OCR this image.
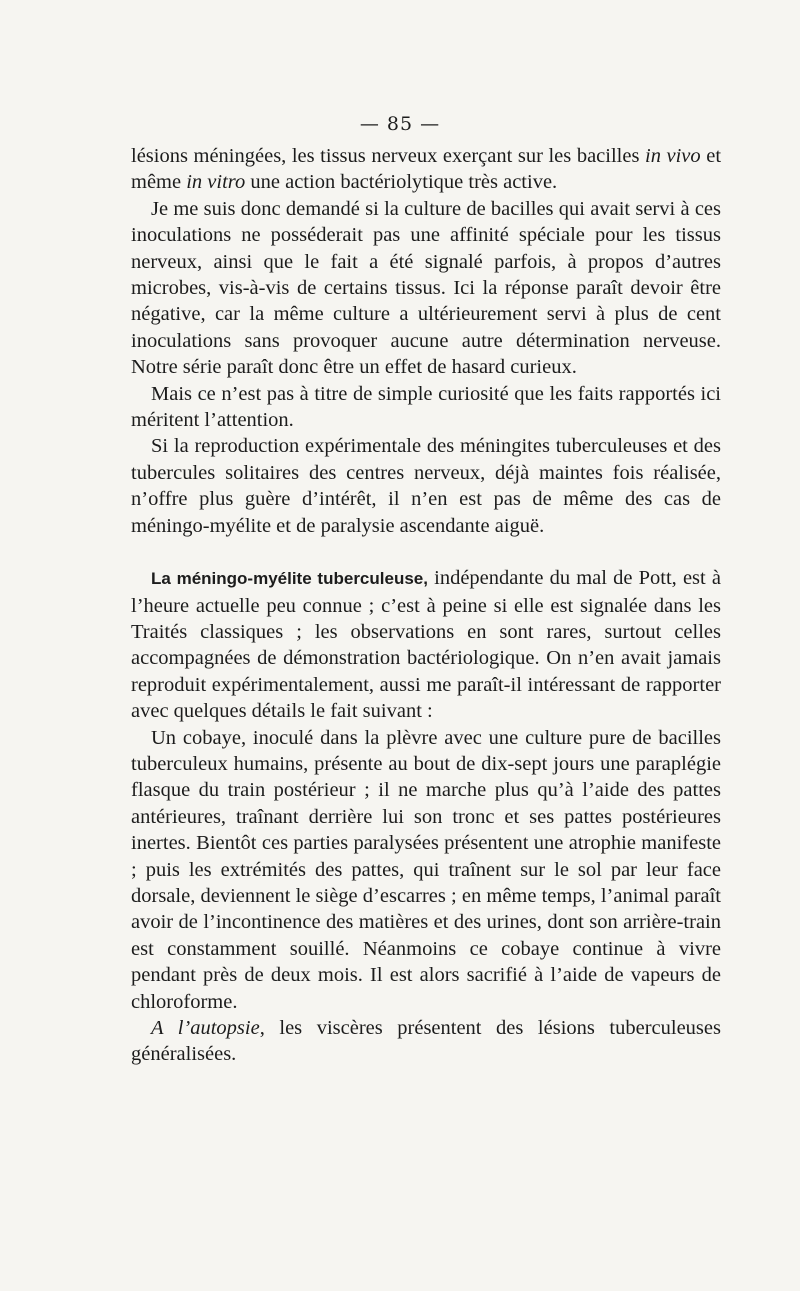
— 85 —

lésions méningées, les tissus nerveux exerçant sur les bacilles in vivo et même in vitro une action bactériolytique très active.

Je me suis donc demandé si la culture de bacilles qui avait servi à ces inoculations ne posséderait pas une affinité spéciale pour les tissus nerveux, ainsi que le fait a été signalé parfois, à propos d’autres microbes, vis-à-vis de certains tissus. Ici la réponse paraît devoir être négative, car la même culture a ultérieurement servi à plus de cent inoculations sans provoquer aucune autre détermination nerveuse. Notre série paraît donc être un effet de hasard curieux.

Mais ce n’est pas à titre de simple curiosité que les faits rapportés ici méritent l’attention.

Si la reproduction expérimentale des méningites tuberculeuses et des tubercules solitaires des centres nerveux, déjà maintes fois réalisée, n’offre plus guère d’intérêt, il n’en est pas de même des cas de méningo-myélite et de paralysie ascendante aiguë.

La méningo-myélite tuberculeuse, indépendante du mal de Pott, est à l’heure actuelle peu connue ; c’est à peine si elle est signalée dans les Traités classiques ; les observations en sont rares, surtout celles accompagnées de démonstration bactériologique. On n’en avait jamais reproduit expérimentalement, aussi me paraît-il intéressant de rapporter avec quelques détails le fait suivant :

Un cobaye, inoculé dans la plèvre avec une culture pure de bacilles tuberculeux humains, présente au bout de dix-sept jours une paraplégie flasque du train postérieur ; il ne marche plus qu’à l’aide des pattes antérieures, traînant derrière lui son tronc et ses pattes postérieures inertes. Bientôt ces parties paralysées présentent une atrophie manifeste ; puis les extrémités des pattes, qui traînent sur le sol par leur face dorsale, deviennent le siège d’escarres ; en même temps, l’animal paraît avoir de l’incontinence des matières et des urines, dont son arrière-train est constamment souillé. Néanmoins ce cobaye continue à vivre pendant près de deux mois. Il est alors sacrifié à l’aide de vapeurs de chloroforme.

A l’autopsie, les viscères présentent des lésions tuberculeuses généralisées.
